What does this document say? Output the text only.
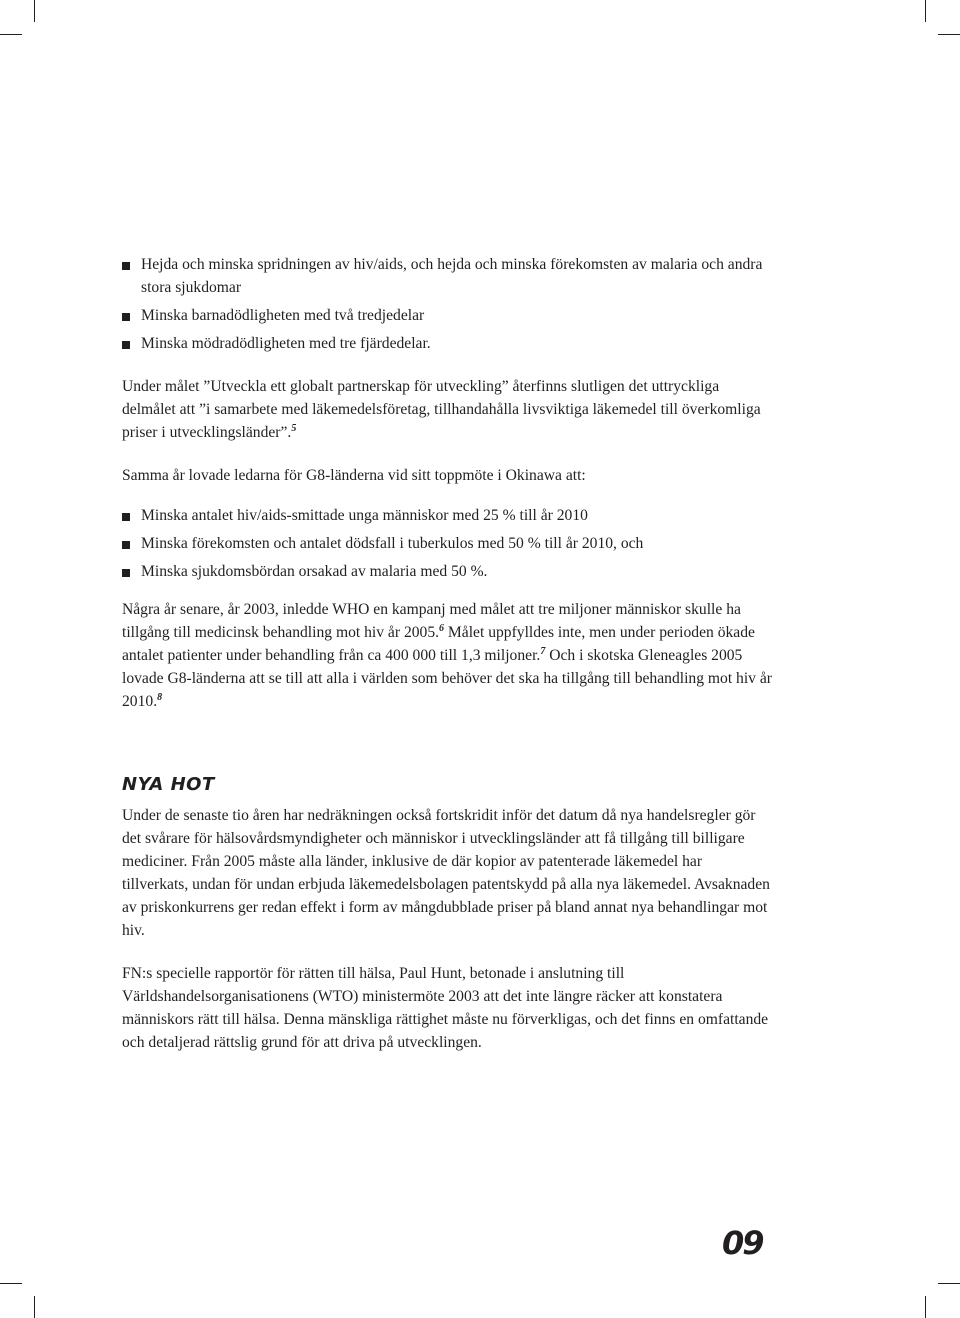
Hejda och minska spridningen av hiv/aids, och hejda och minska förekomsten av malaria och andra stora sjukdomar
Minska barnadödligheten med två tredjedelar
Minska mödradödligheten med tre fjärdedelar.

Under målet ”Utveckla ett globalt partnerskap för utveckling” återfinns slutligen det uttryckliga delmålet att ”i samarbete med läkemedelsföretag, tillhandahålla livsviktiga läkemedel till överkomliga priser i utvecklingsländer”.$^5$

Samma år lovade ledarna för G8-länderna vid sitt toppmöte i Okinawa att:

Minska antalet hiv/aids-smittade unga människor med 25 % till år 2010
Minska förekomsten och antalet dödsfall i tuberkulos med 50 % till år 2010, och
Minska sjukdomsbördan orsakad av malaria med 50 %.

Några år senare, år 2003, inledde WHO en kampanj med målet att tre miljoner människor skulle ha tillgång till medicinsk behandling mot hiv år 2005.$^6$ Målet uppfylldes inte, men under perioden ökade antalet patienter under behandling från ca 400 000 till 1,3 miljoner.$^7$ Och i skotska Gleneagles 2005 lovade G8-länderna att se till att alla i världen som behöver det ska ha tillgång till behandling mot hiv år 2010.$^8$

NYA HOT

Under de senaste tio åren har nedräkningen också fortskridit inför det datum då nya handelsregler gör det svårare för hälsovårdsmyndigheter och människor i utvecklingsländer att få tillgång till billigare mediciner. Från 2005 måste alla länder, inklusive de där kopior av patenterade läkemedel har tillverkats, undan för undan erbjuda läkemedelsbolagen patentskydd på alla nya läkemedel. Avsaknaden av priskonkurrens ger redan effekt i form av mångdubblade priser på bland annat nya behandlingar mot hiv.

FN:s specielle rapportör för rätten till hälsa, Paul Hunt, betonade i anslutning till Världshandelsorganisationens (WTO) ministermöte 2003 att det inte längre räcker att konstatera människors rätt till hälsa. Denna mänskliga rättighet måste nu förverkligas, och det finns en omfattande och detaljerad rättslig grund för att driva på utvecklingen.

09
